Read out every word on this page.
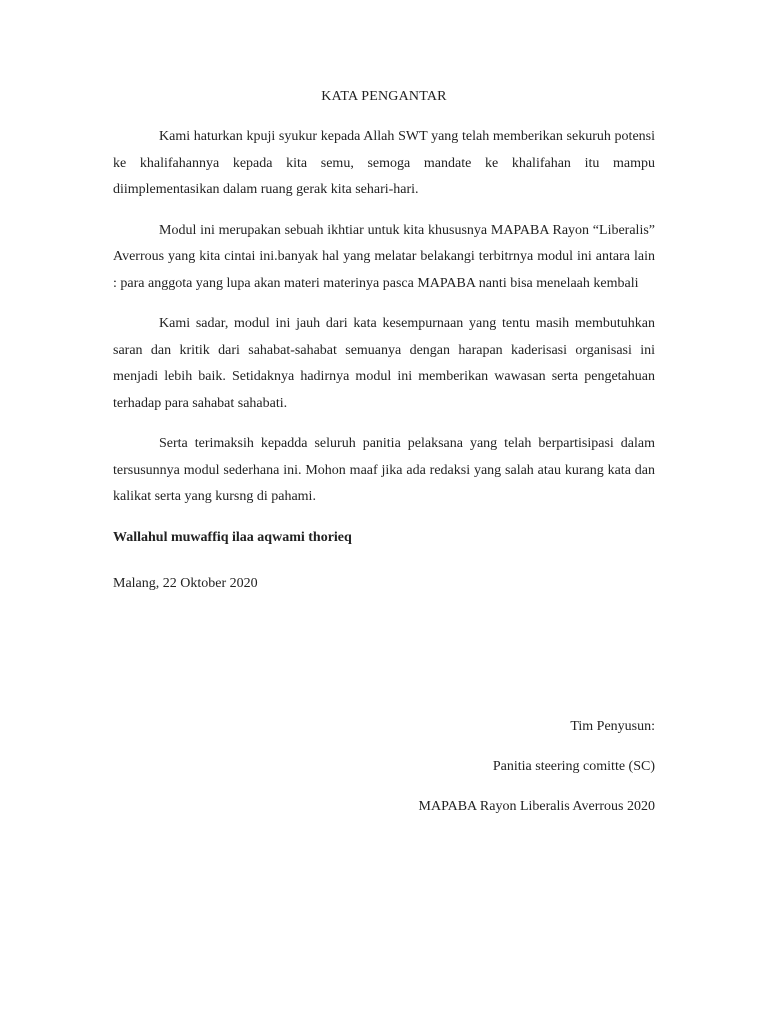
KATA PENGANTAR

Kami haturkan kpuji syukur kepada Allah SWT yang telah memberikan sekuruh potensi ke khalifahannya kepada kita semu, semoga mandate ke khalifahan itu mampu diimplementasikan dalam ruang gerak kita sehari-hari.

Modul ini merupakan sebuah ikhtiar untuk kita khususnya MAPABA Rayon “Liberalis” Averrous yang kita cintai ini.banyak hal yang melatar belakangi terbitrnya modul ini antara lain : para anggota yang lupa akan materi materinya pasca MAPABA nanti bisa menelaah kembali

Kami sadar, modul ini jauh dari kata kesempurnaan yang tentu masih membutuhkan saran dan kritik dari sahabat-sahabat semuanya dengan harapan kaderisasi organisasi ini menjadi lebih baik. Setidaknya hadirnya modul ini memberikan wawasan serta pengetahuan terhadap para sahabat sahabati.

Serta terimaksih kepadda seluruh panitia pelaksana yang telah berpartisipasi dalam tersusunnya modul sederhana ini. Mohon maaf jika ada redaksi yang salah atau kurang kata dan kalikat serta yang kursng di pahami.

Wallahul muwaffiq ilaa aqwami thorieq

Malang, 22 Oktober 2020

Tim Penyusun:
Panitia steering comitte (SC)
MAPABA Rayon Liberalis Averrous 2020
